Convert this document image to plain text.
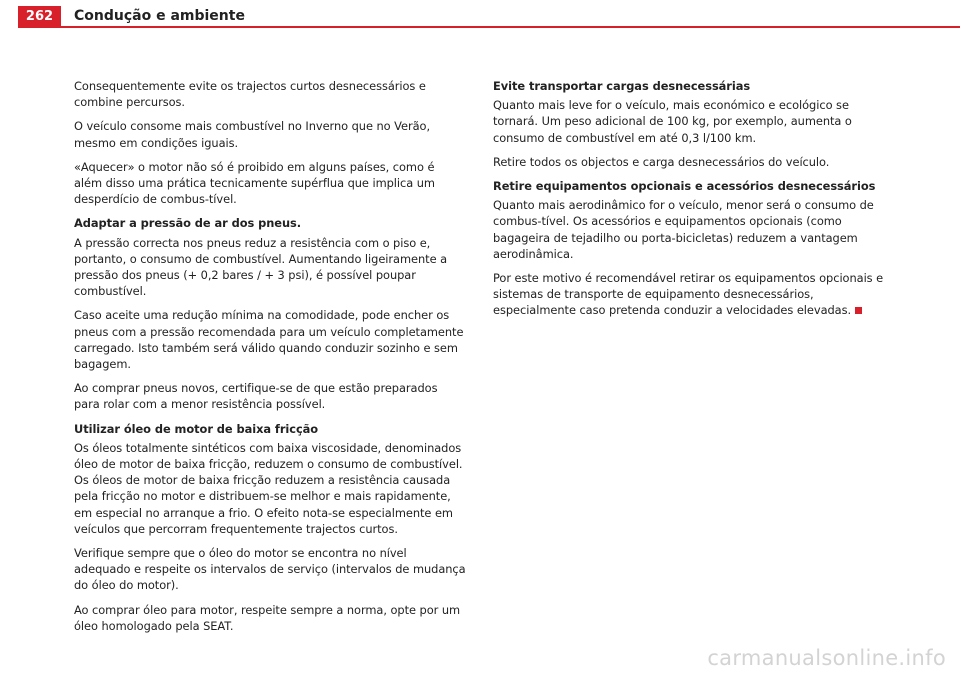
262	Condução e ambiente

Consequentemente evite os trajectos curtos desnecessários e combine percursos.

O veículo consome mais combustível no Inverno que no Verão, mesmo em condições iguais.

«Aquecer» o motor não só é proibido em alguns países, como é além disso uma prática tecnicamente supérflua que implica um desperdício de combus-tível.

Adaptar a pressão de ar dos pneus.

A pressão correcta nos pneus reduz a resistência com o piso e, portanto, o consumo de combustível. Aumentando ligeiramente a pressão dos pneus (+ 0,2 bares / + 3 psi), é possível poupar combustível.

Caso aceite uma redução mínima na comodidade, pode encher os pneus com a pressão recomendada para um veículo completamente carregado. Isto também será válido quando conduzir sozinho e sem bagagem.

Ao comprar pneus novos, certifique-se de que estão preparados para rolar com a menor resistência possível.

Utilizar óleo de motor de baixa fricção

Os óleos totalmente sintéticos com baixa viscosidade, denominados óleo de motor de baixa fricção, reduzem o consumo de combustível. Os óleos de motor de baixa fricção reduzem a resistência causada pela fricção no motor e distribuem-se melhor e mais rapidamente, em especial no arranque a frio. O efeito nota-se especialmente em veículos que percorram frequentemente trajectos curtos.

Verifique sempre que o óleo do motor se encontra no nível adequado e respeite os intervalos de serviço (intervalos de mudança do óleo do motor).

Ao comprar óleo para motor, respeite sempre a norma, opte por um óleo homologado pela SEAT.

Evite transportar cargas desnecessárias

Quanto mais leve for o veículo, mais económico e ecológico se tornará. Um peso adicional de 100 kg, por exemplo, aumenta o consumo de combustível em até 0,3 l/100 km.

Retire todos os objectos e carga desnecessários do veículo.

Retire equipamentos opcionais e acessórios desnecessários

Quanto mais aerodinâmico for o veículo, menor será o consumo de combus-tível. Os acessórios e equipamentos opcionais (como bagageira de tejadilho ou porta-bicicletas) reduzem a vantagem aerodinâmica.

Por este motivo é recomendável retirar os equipamentos opcionais e sistemas de transporte de equipamento desnecessários, especialmente caso pretenda conduzir a velocidades elevadas.

carmanualsonline.info
